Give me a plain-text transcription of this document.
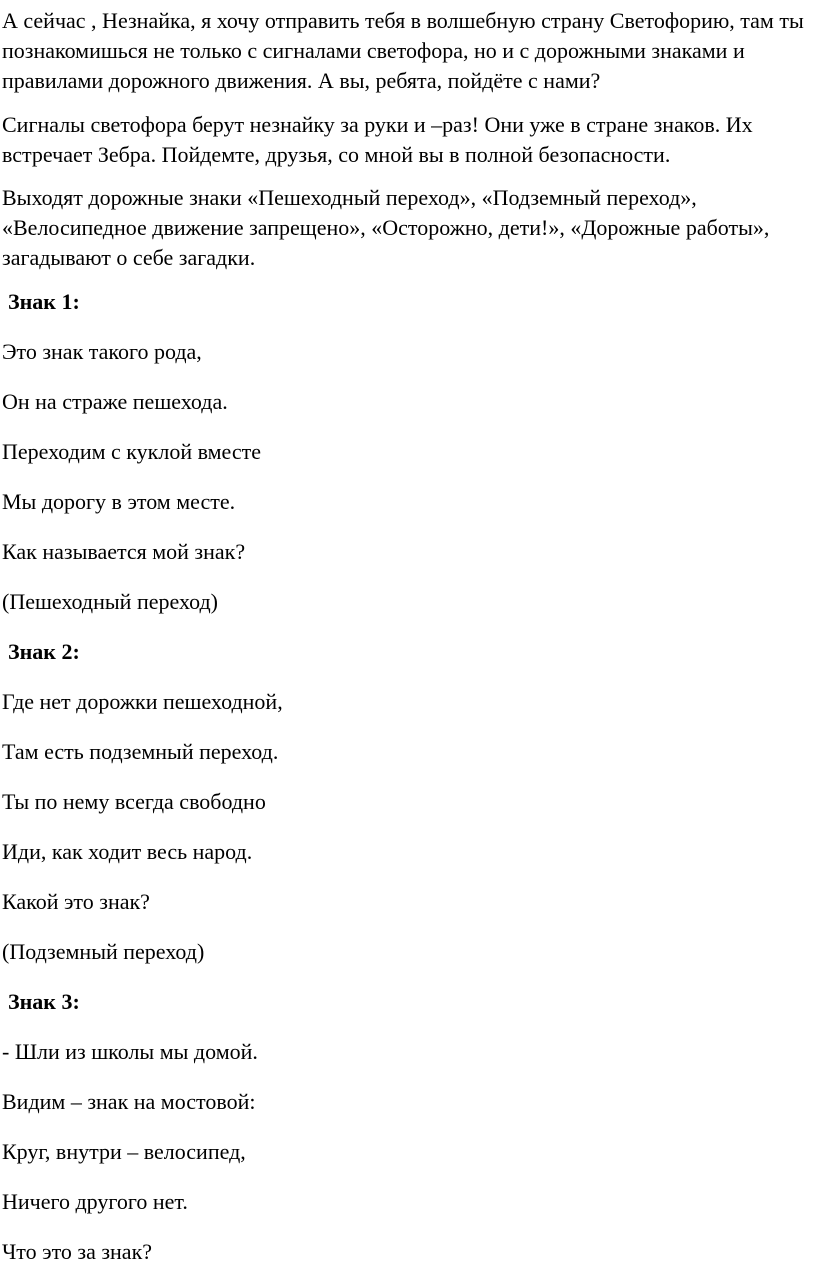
А сейчас , Незнайка, я хочу отправить тебя в волшебную страну Светофорию, там ты познакомишься не только с сигналами светофора, но и с дорожными знаками и правилами дорожного движения. А вы, ребята, пойдёте с нами?

Сигналы светофора берут незнайку за руки и –раз! Они уже в стране знаков. Их встречает Зебра. Пойдемте, друзья, со мной вы в полной безопасности.

Выходят дорожные знаки «Пешеходный переход», «Подземный переход», «Велосипедное движение запрещено», «Осторожно, дети!», «Дорожные работы», загадывают о себе загадки.

Знак 1:
Это знак такого рода,
Он на страже пешехода.
Переходим с куклой вместе
Мы дорогу в этом месте.
Как называется мой знак?
(Пешеходный переход)
Знак 2:
Где нет дорожки пешеходной,
Там есть подземный переход.
Ты по нему всегда свободно
Иди, как ходит весь народ.
Какой это знак?
(Подземный переход)
Знак 3:
- Шли из школы мы домой.
Видим – знак на мостовой:
Круг, внутри – велосипед,
Ничего другого нет.
Что это за знак?
